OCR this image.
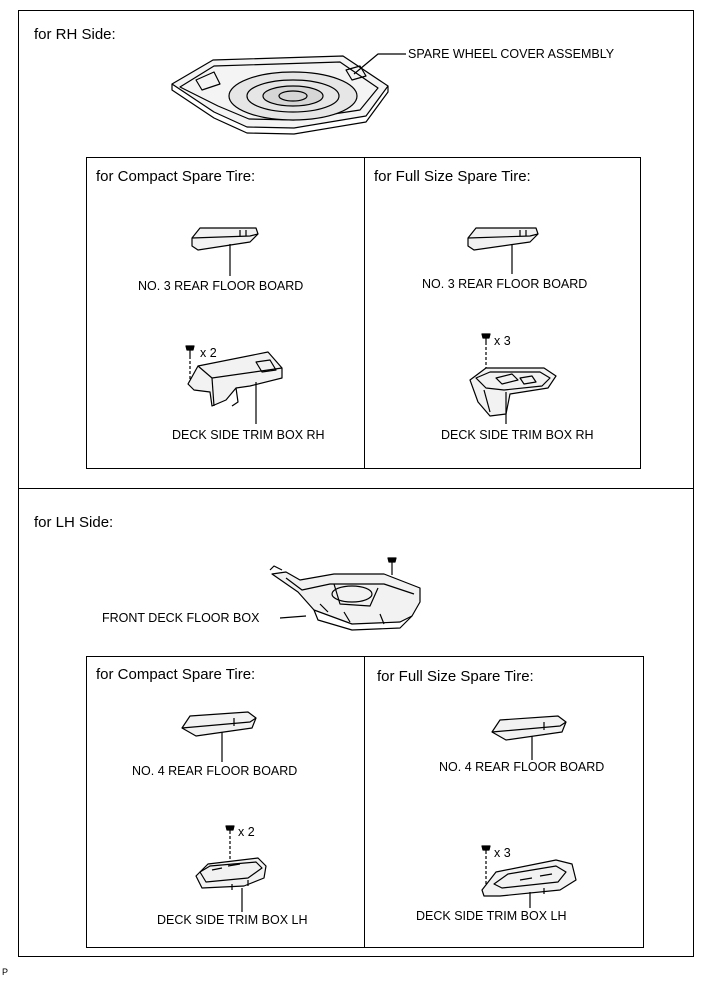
for RH Side:
SPARE WHEEL COVER ASSEMBLY
for Compact Spare Tire:
NO. 3 REAR FLOOR BOARD
x 2
DECK SIDE TRIM BOX RH
for Full Size Spare Tire:
NO. 3 REAR FLOOR BOARD
x 3
DECK SIDE TRIM BOX RH
for LH Side:
FRONT DECK FLOOR BOX
for Compact Spare Tire:
NO. 4 REAR FLOOR BOARD
x 2
DECK SIDE TRIM BOX LH
for Full Size Spare Tire:
NO. 4 REAR FLOOR BOARD
x 3
DECK SIDE TRIM BOX LH
P
